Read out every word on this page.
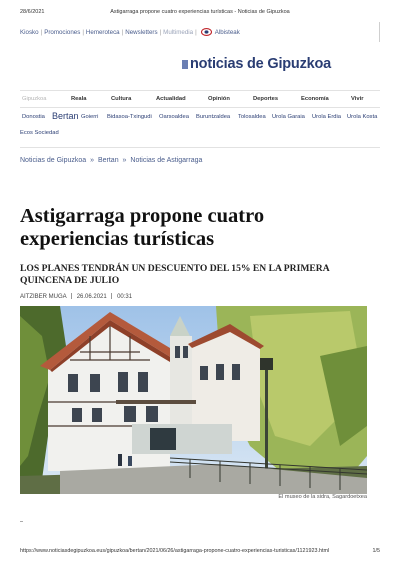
28/6/2021	Astigarraga propone cuatro experiencias turísticas - Noticias de Gipuzkoa
Kiosko | Promociones | Hemeroteca | Newsletters | Multimedia |	Albisteak
noticias de Gipuzkoa
Gipuzkoa	Reala	Cultura	Actualidad	Opinión	Deportes	Economía	Vivir
Donostia Bertan Goierri Bidasoa-Txingudi Oarsoaldea Buruntzaldea Tolosaldea Urola Garaia Urola Erdia Urola Kosta
Ecos Sociedad
Noticias de Gipuzkoa » Bertan » Noticias de Astigarraga
Astigarraga propone cuatro experiencias turísticas
LOS PLANES TENDRÁN UN DESCUENTO DEL 15% EN LA PRIMERA QUINCENA DE JULIO
AITZIBER MUGA 26.06.2021 00:31
El museo de la sidra, Sagardoetxea
https://www.noticiasdegipuzkoa.eus/gipuzkoa/bertan/2021/06/26/astigarraga-propone-cuatro-experiencias-turisticas/1121923.html	1/5
